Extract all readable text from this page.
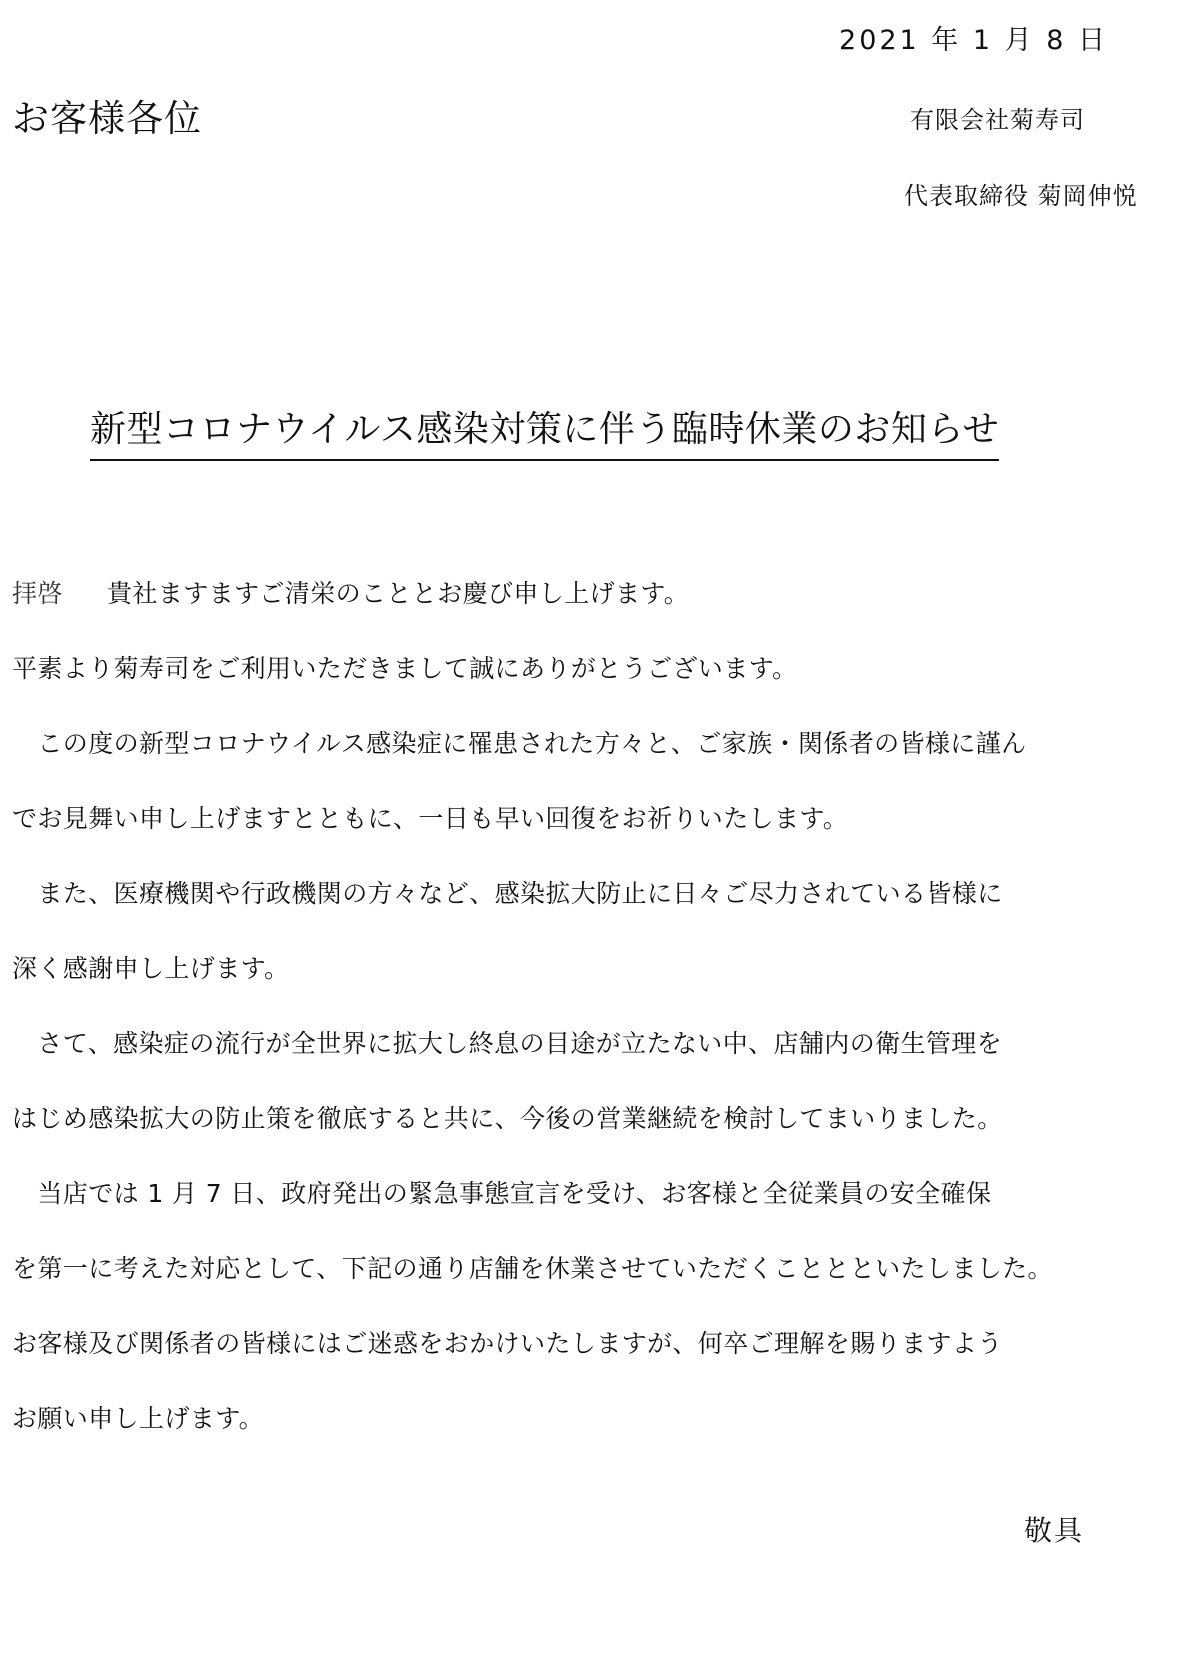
2021 年 1 月 8 日
お客様各位	有限会社菊寿司
代表取締役 菊岡伸悦
新型コロナウイルス感染対策に伴う臨時休業のお知らせ
拝啓 貴社ますますご清栄のこととお慶び申し上げます。
平素より菊寿司をご利用いただきまして誠にありがとうございます。
　この度の新型コロナウイルス感染症に罹患された方々と、ご家族・関係者の皆様に謹ん
でお見舞い申し上げますとともに、一日も早い回復をお祈りいたします。
　また、医療機関や行政機関の方々など、感染拡大防止に日々ご尽力されている皆様に
深く感謝申し上げます。
　さて、感染症の流行が全世界に拡大し終息の目途が立たない中、店舗内の衛生管理を
はじめ感染拡大の防止策を徹底すると共に、今後の営業継続を検討してまいりました。
　当店では 1 月 7 日、政府発出の緊急事態宣言を受け、お客様と全従業員の安全確保
を第一に考えた対応として、下記の通り店舗を休業させていただくこととといたしました。
お客様及び関係者の皆様にはご迷惑をおかけいたしますが、何卒ご理解を賜りますよう
お願い申し上げます。
敬具
